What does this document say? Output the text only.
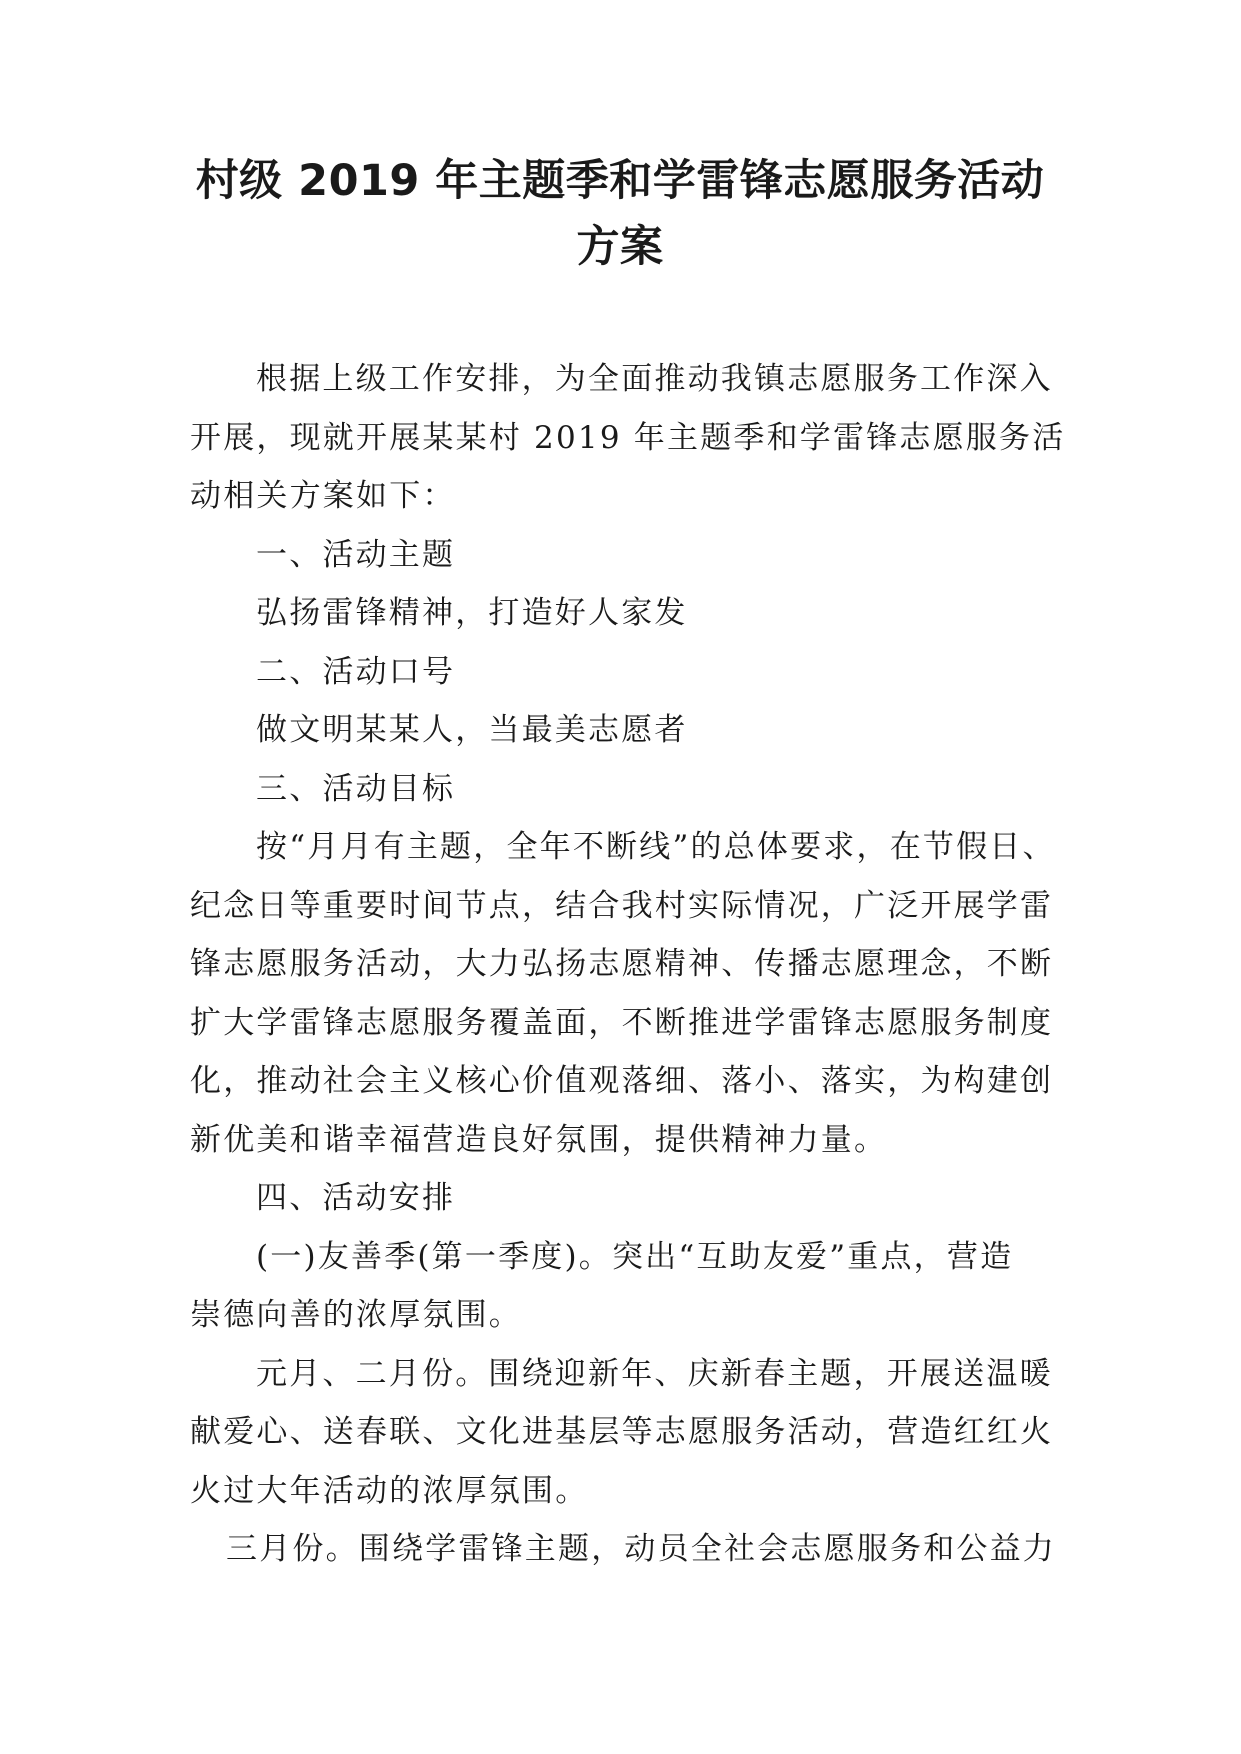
村级 2019 年主题季和学雷锋志愿服务活动
方案

根据上级工作安排，为全面推动我镇志愿服务工作深入

开展，现就开展某某村 2019 年主题季和学雷锋志愿服务活

动相关方案如下：

一、活动主题

弘扬雷锋精神，打造好人家发

二、活动口号

做文明某某人，当最美志愿者

三、活动目标

按“月月有主题，全年不断线”的总体要求，在节假日、

纪念日等重要时间节点，结合我村实际情况，广泛开展学雷

锋志愿服务活动，大力弘扬志愿精神、传播志愿理念，不断

扩大学雷锋志愿服务覆盖面，不断推进学雷锋志愿服务制度

化，推动社会主义核心价值观落细、落小、落实，为构建创

新优美和谐幸福营造良好氛围，提供精神力量。

四、活动安排

(一)友善季(第一季度)。突出“互助友爱”重点，营造

崇德向善的浓厚氛围。

元月、二月份。围绕迎新年、庆新春主题，开展送温暖

献爱心、送春联、文化进基层等志愿服务活动，营造红红火

火过大年活动的浓厚氛围。

三月份。围绕学雷锋主题，动员全社会志愿服务和公益力
